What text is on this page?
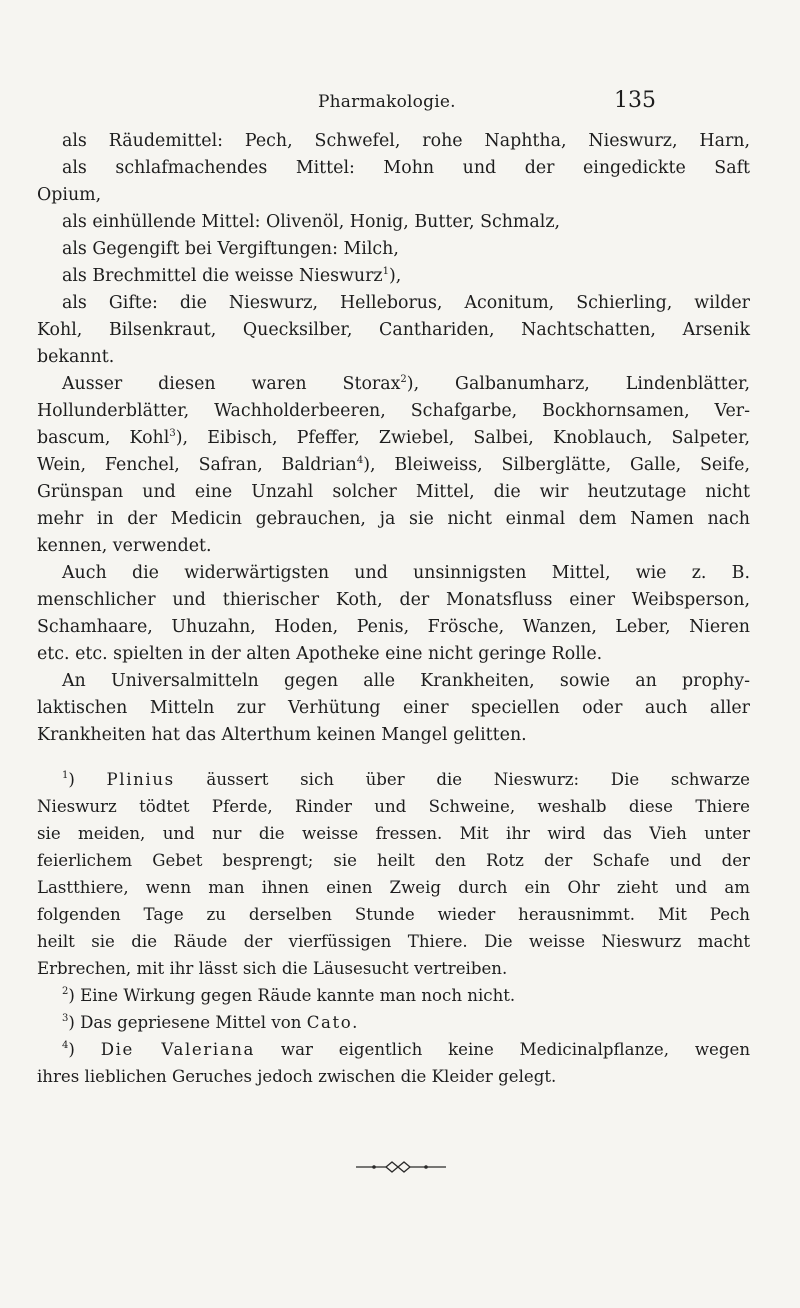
Pharmakologie.	135
als Räudemittel: Pech, Schwefel, rohe Naphtha, Nieswurz, Harn,
als schlafmachendes Mittel: Mohn und der eingedickte Saft
Opium,
als einhüllende Mittel: Olivenöl, Honig, Butter, Schmalz,
als Gegengift bei Vergiftungen: Milch,
als Brechmittel die weisse Nieswurz$^1$),
als Gifte: die Nieswurz, Helleborus, Aconitum, Schierling, wilder
Kohl, Bilsenkraut, Quecksilber, Canthariden, Nachtschatten, Arsenik
bekannt.
Ausser diesen waren Storax$^2$), Galbanumharz, Lindenblätter,
Hollunderblätter, Wachholderbeeren, Schafgarbe, Bockhornsamen, Ver-
bascum, Kohl$^3$), Eibisch, Pfeffer, Zwiebel, Salbei, Knoblauch, Salpeter,
Wein, Fenchel, Safran, Baldrian$^4$), Bleiweiss, Silberglätte, Galle, Seife,
Grünspan und eine Unzahl solcher Mittel, die wir heutzutage nicht
mehr in der Medicin gebrauchen, ja sie nicht einmal dem Namen nach
kennen, verwendet.
Auch die widerwärtigsten und unsinnigsten Mittel, wie z. B.
menschlicher und thierischer Koth, der Monatsfluss einer Weibsperson,
Schamhaare, Uhuzahn, Hoden, Penis, Frösche, Wanzen, Leber, Nieren
etc. etc. spielten in der alten Apotheke eine nicht geringe Rolle.
An Universalmitteln gegen alle Krankheiten, sowie an prophy-
laktischen Mitteln zur Verhütung einer speciellen oder auch aller
Krankheiten hat das Alterthum keinen Mangel gelitten.
$^1$) Plinius äussert sich über die Nieswurz: Die schwarze
Nieswurz tödtet Pferde, Rinder und Schweine, weshalb diese Thiere
sie meiden, und nur die weisse fressen. Mit ihr wird das Vieh unter
feierlichem Gebet besprengt; sie heilt den Rotz der Schafe und der
Lastthiere, wenn man ihnen einen Zweig durch ein Ohr zieht und am
folgenden Tage zu derselben Stunde wieder herausnimmt. Mit Pech
heilt sie die Räude der vierfüssigen Thiere. Die weisse Nieswurz macht
Erbrechen, mit ihr lässt sich die Läusesucht vertreiben.
$^2$) Eine Wirkung gegen Räude kannte man noch nicht.
$^3$) Das gepriesene Mittel von Cato.
$^4$) Die Valeriana war eigentlich keine Medicinalpflanze, wegen
ihres lieblichen Geruches jedoch zwischen die Kleider gelegt.
